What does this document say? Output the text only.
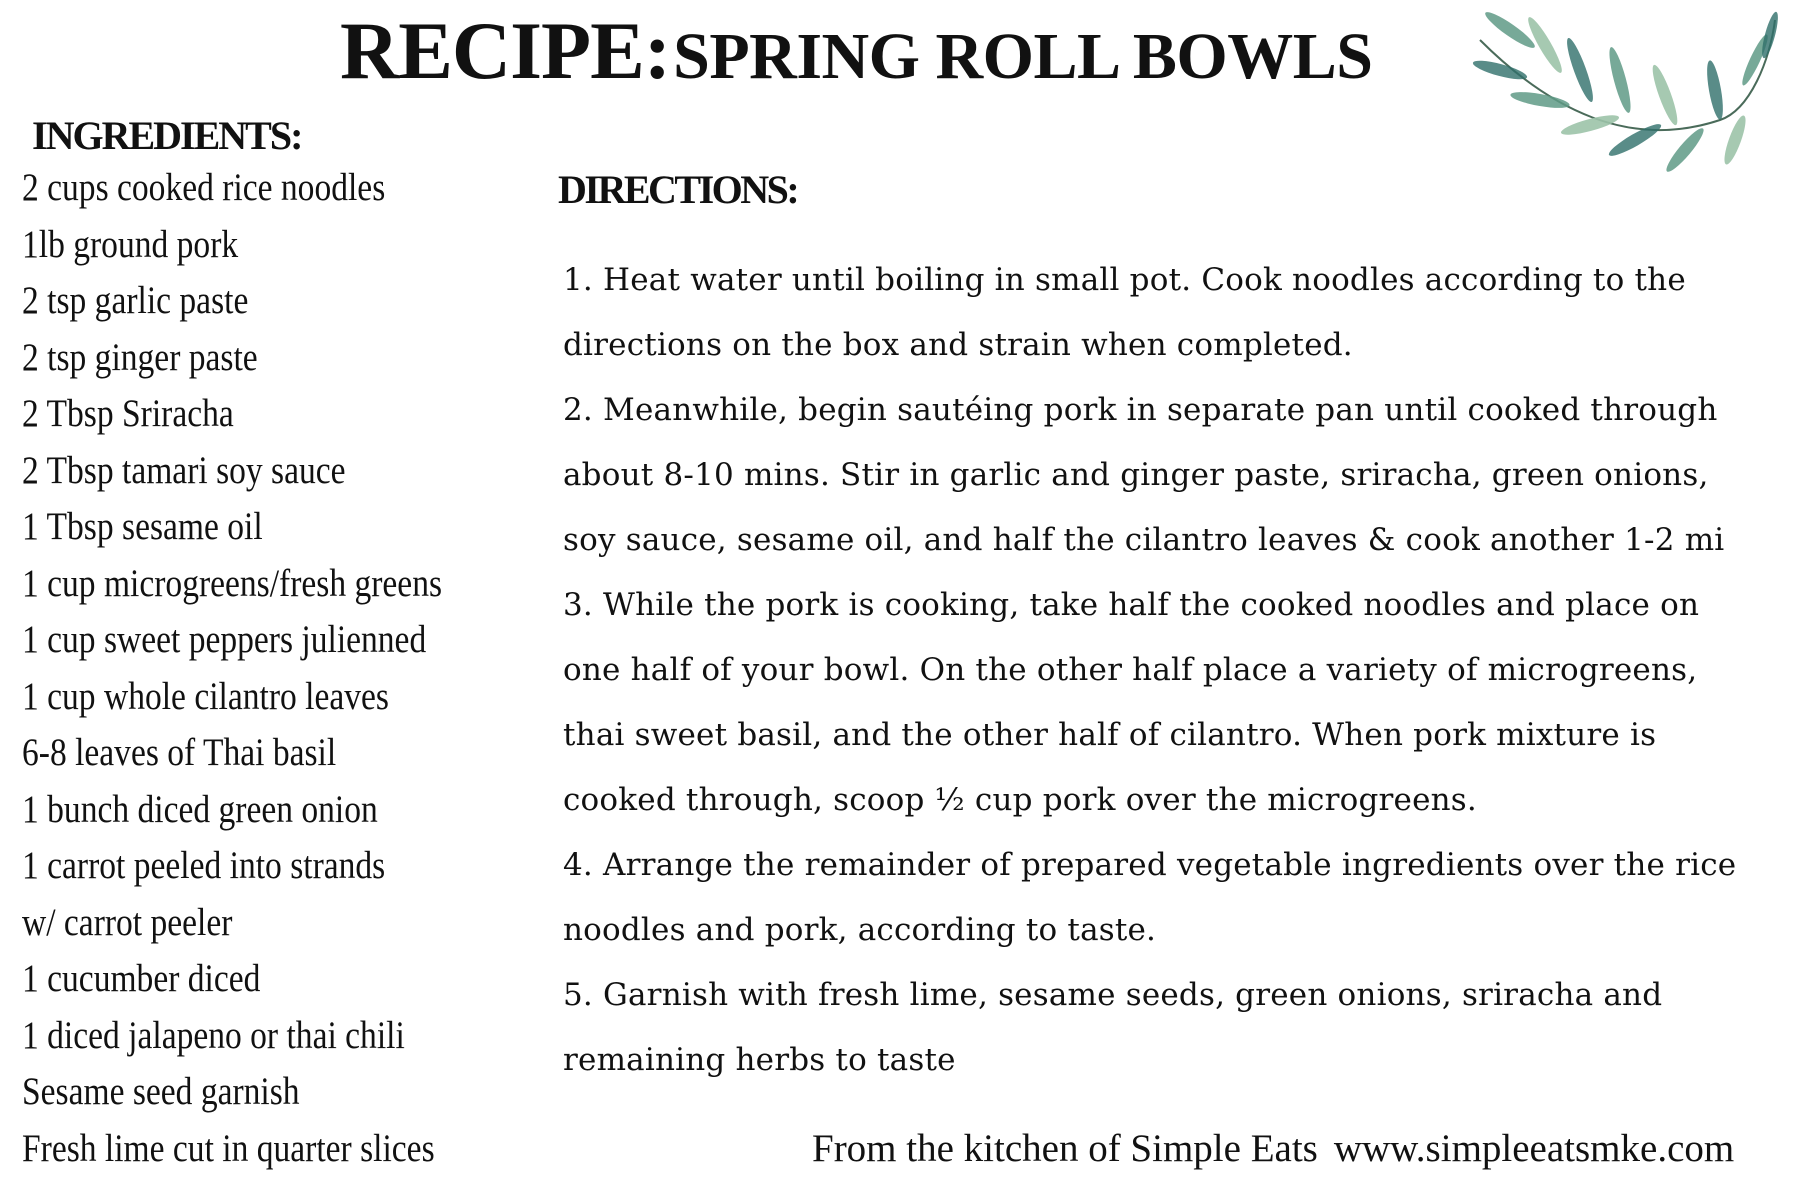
RECIPE: SPRING ROLL BOWLS
INGREDIENTS:
2 cups cooked rice noodles
1lb ground pork
2 tsp garlic paste
2 tsp ginger paste
2 Tbsp Sriracha
2 Tbsp tamari soy sauce
1 Tbsp sesame oil
1 cup microgreens/fresh greens
1 cup sweet peppers julienned
1 cup whole cilantro leaves
6-8 leaves of Thai basil
1 bunch diced green onion
1 carrot peeled into strands
w/ carrot peeler
1 cucumber diced
1 diced jalapeno or thai chili
Sesame seed garnish
Fresh lime cut in quarter slices
DIRECTIONS:
1. Heat water until boiling in small pot. Cook noodles according to the
directions on the box and strain when completed.
2. Meanwhile, begin sautéing pork in separate pan until cooked through
about 8-10 mins. Stir in garlic and ginger paste, sriracha, green onions,
soy sauce, sesame oil, and half the cilantro leaves & cook another 1-2 mi
3. While the pork is cooking, take half the cooked noodles and place on
one half of your bowl. On the other half place a variety of microgreens,
thai sweet basil, and the other half of cilantro. When pork mixture is
cooked through, scoop ½ cup pork over the microgreens.
4. Arrange the remainder of prepared vegetable ingredients over the rice
noodles and pork, according to taste.
5. Garnish with fresh lime, sesame seeds, green onions, sriracha and
remaining herbs to taste
From the kitchen of Simple Eats www.simpleeatsmke.com
